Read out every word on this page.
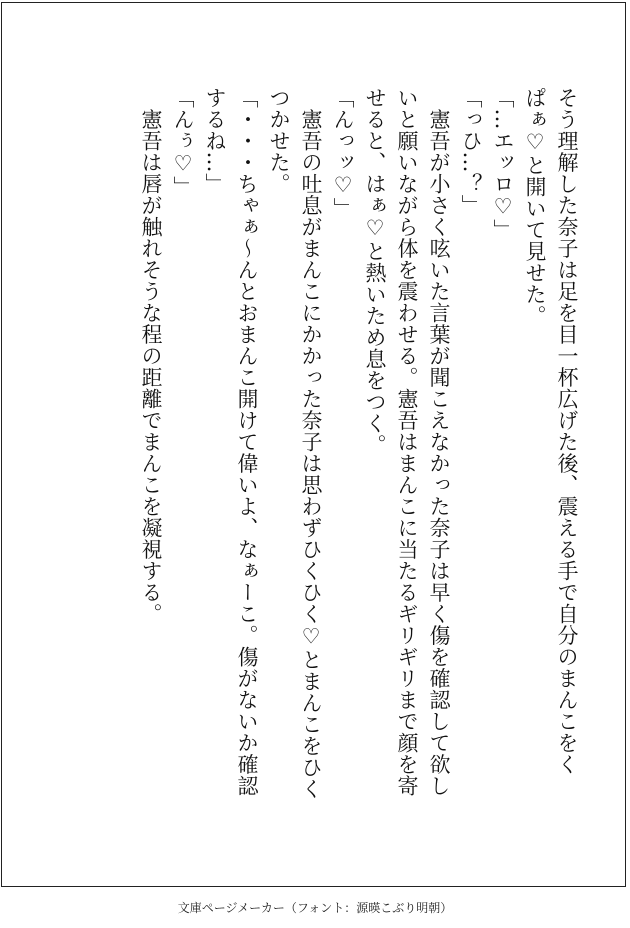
そう理解した奈子は足を目一杯広げた後、震える手で自分のまんこをく

ぱぁ♡と開いて見せた。

「…エッロ♡」

「っひ…？」

　憲吾が小さく呟いた言葉が聞こえなかった奈子は早く傷を確認して欲し

いと願いながら体を震わせる。憲吾はまんこに当たるギリギリまで顔を寄

せると、はぁ♡と熱いため息をつく。

「んっッ♡」

　憲吾の吐息がまんこにかかった奈子は思わずひくひく♡とまんこをひく

つかせた。

「・・・ちゃぁ～んとおまんこ開けて偉いよ、なぁーこ。傷がないか確認

するね…」

「んぅ♡」

　憲吾は唇が触れそうな程の距離でまんこを凝視する。

文庫ページメーカー（フォント：源暎こぶり明朝）
